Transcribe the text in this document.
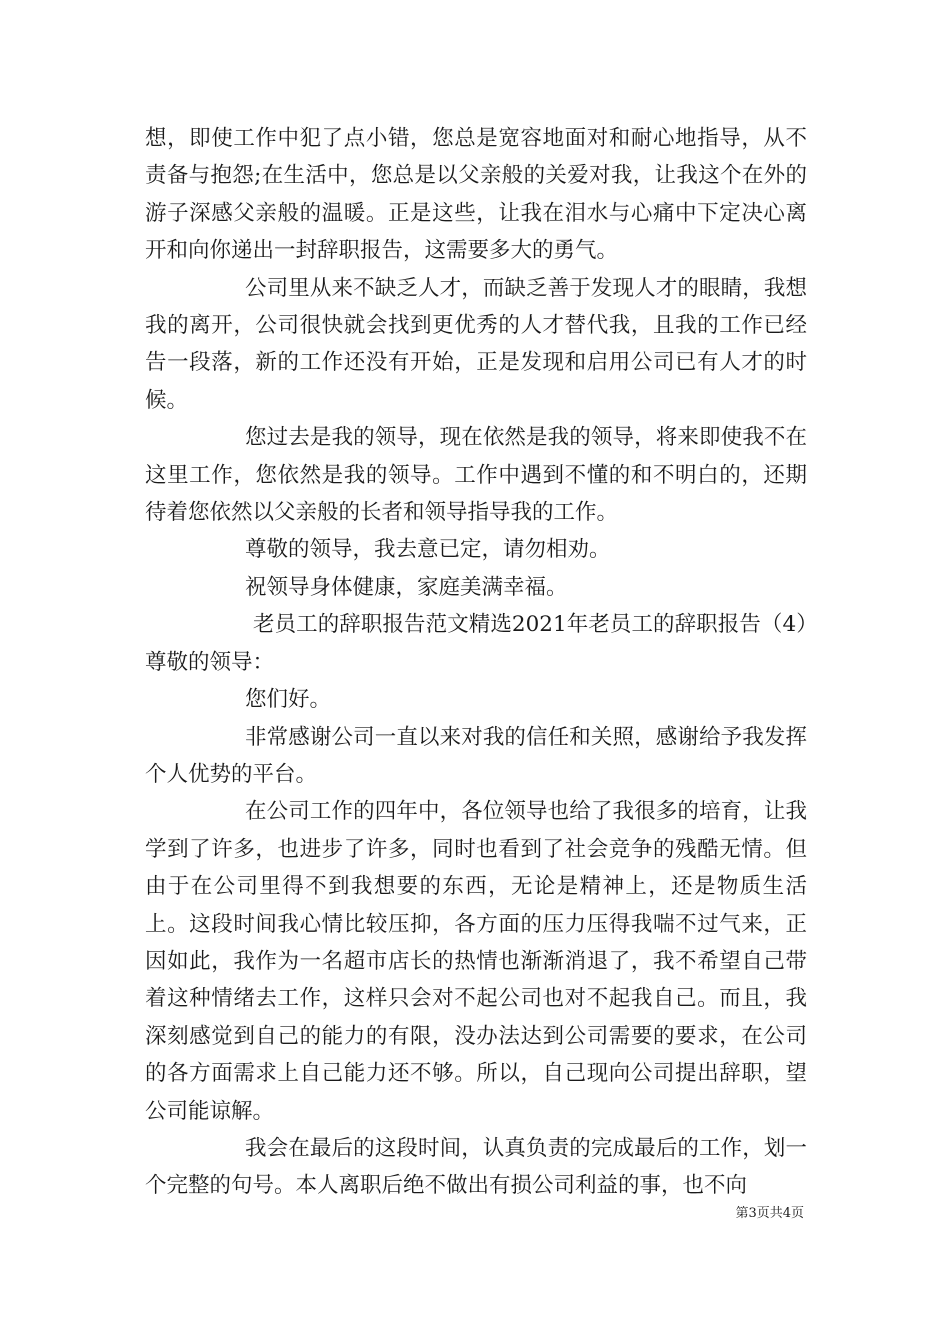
想，即使工作中犯了点小错，您总是宽容地面对和耐心地指导，从不责备与抱怨;在生活中，您总是以父亲般的关爱对我，让我这个在外的游子深感父亲般的温暖。正是这些，让我在泪水与心痛中下定决心离开和向你递出一封辞职报告，这需要多大的勇气。

公司里从来不缺乏人才，而缺乏善于发现人才的眼睛，我想我的离开，公司很快就会找到更优秀的人才替代我，且我的工作已经告一段落，新的工作还没有开始，正是发现和启用公司已有人才的时候。

您过去是我的领导，现在依然是我的领导，将来即使我不在这里工作，您依然是我的领导。工作中遇到不懂的和不明白的，还期待着您依然以父亲般的长者和领导指导我的工作。

尊敬的领导，我去意已定，请勿相劝。

祝领导身体健康，家庭美满幸福。

老员工的辞职报告范文精选2021年老员工的辞职报告（4）尊敬的领导：

您们好。

非常感谢公司一直以来对我的信任和关照，感谢给予我发挥个人优势的平台。

在公司工作的四年中，各位领导也给了我很多的培育，让我学到了许多，也进步了许多，同时也看到了社会竞争的残酷无情。但由于在公司里得不到我想要的东西，无论是精神上，还是物质生活上。这段时间我心情比较压抑，各方面的压力压得我喘不过气来，正因如此，我作为一名超市店长的热情也渐渐消退了，我不希望自己带着这种情绪去工作，这样只会对不起公司也对不起我自己。而且，我深刻感觉到自己的能力的有限，没办法达到公司需要的要求，在公司的各方面需求上自己能力还不够。所以，自己现向公司提出辞职，望公司能谅解。

我会在最后的这段时间，认真负责的完成最后的工作，划一个完整的句号。本人离职后绝不做出有损公司利益的事，也不向

第3页共4页
